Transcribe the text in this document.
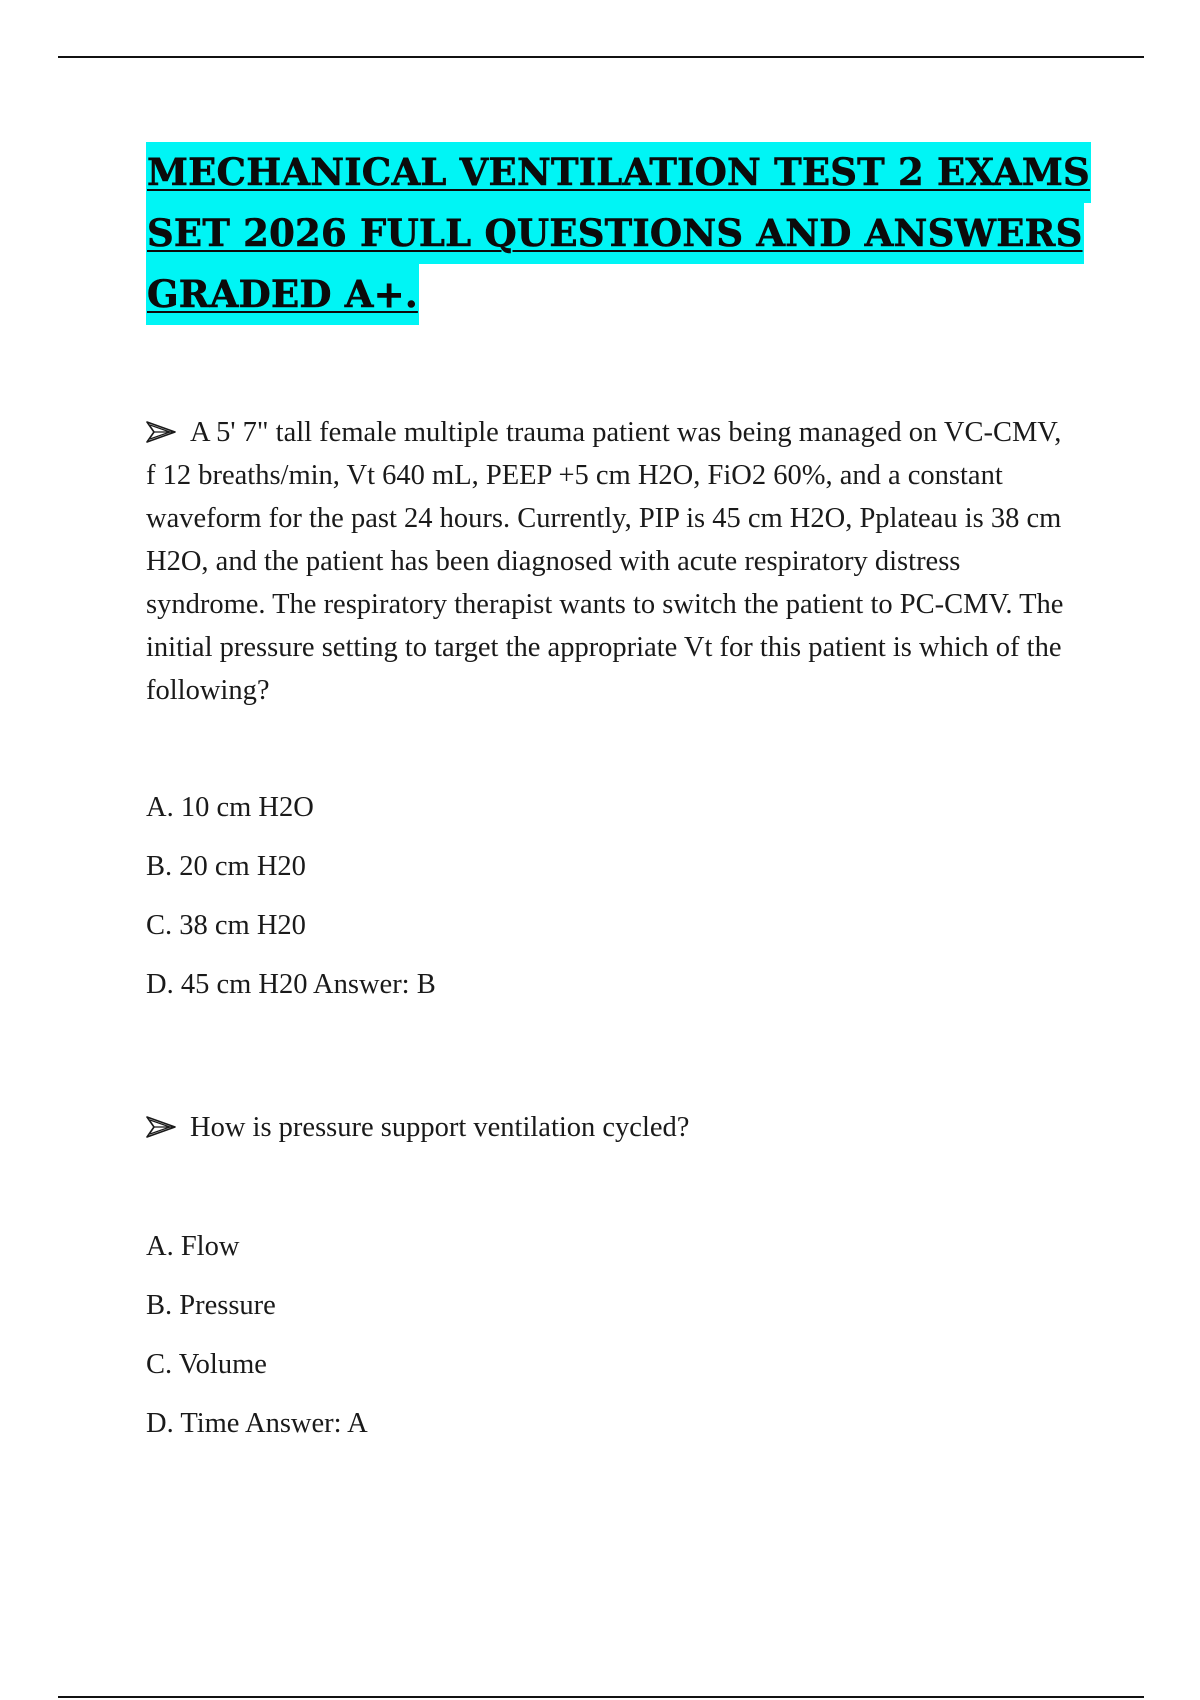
MECHANICAL VENTILATION TEST 2 EXAMS
SET 2026 FULL QUESTIONS AND ANSWERS
GRADED A+.
A 5' 7" tall female multiple trauma patient was being managed on VC-CMV, f 12 breaths/min, Vt 640 mL, PEEP +5 cm H2O, FiO2 60%, and a constant waveform for the past 24 hours. Currently, PIP is 45 cm H2O, Pplateau is 38 cm H2O, and the patient has been diagnosed with acute respiratory distress syndrome. The respiratory therapist wants to switch the patient to PC-CMV. The initial pressure setting to target the appropriate Vt for this patient is which of the following?
A. 10 cm H2O
B. 20 cm H20
C. 38 cm H20
D. 45 cm H20 Answer: B
How is pressure support ventilation cycled?
A. Flow
B. Pressure
C. Volume
D. Time Answer: A
